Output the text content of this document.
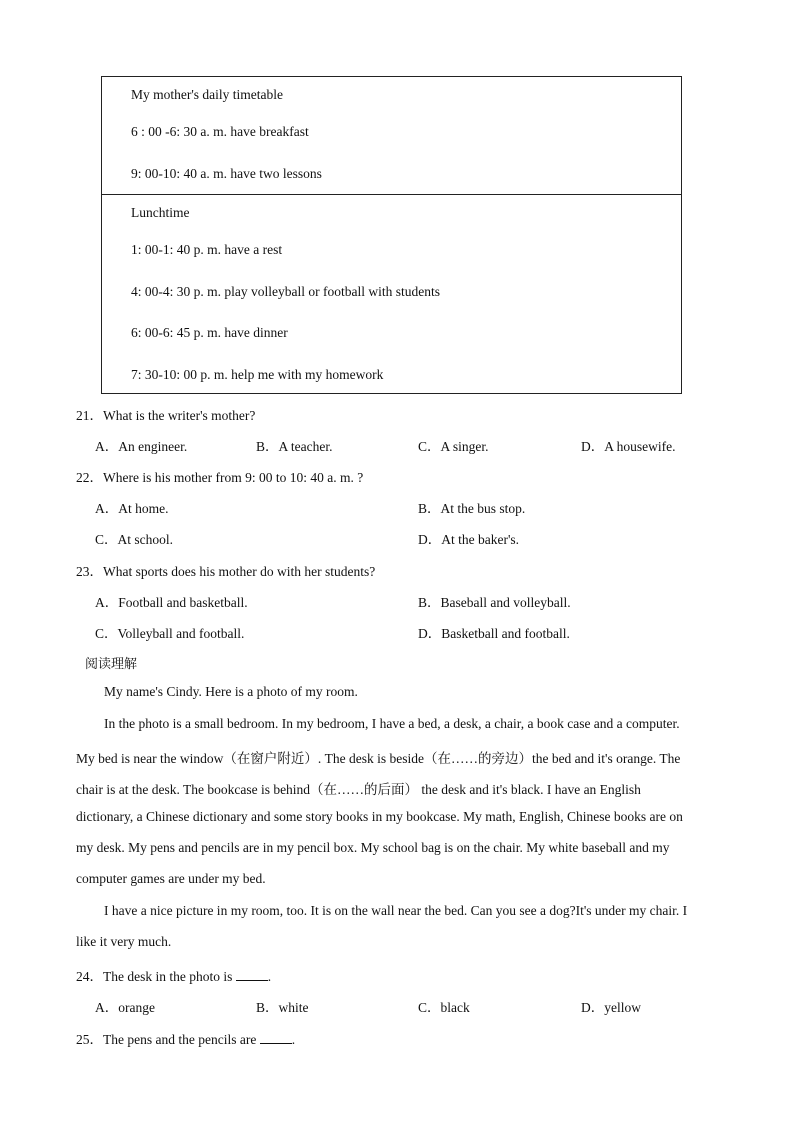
My mother's daily timetable
6 : 00 -6: 30 a. m. have breakfast
9: 00-10: 40 a. m. have two lessons
Lunchtime
1: 00-1: 40 p. m. have a rest
4: 00-4: 30 p. m. play volleyball or football with students
6: 00-6: 45 p. m. have dinner
7: 30-10: 00 p. m. help me with my homework
21．What is the writer's mother?
A．An engineer.	B．A teacher.	C．A singer.	D．A housewife.
22．Where is his mother from 9: 00 to 10: 40 a. m. ?
A．At home.	B．At the bus stop.
C．At school.	D．At the baker's.
23．What sports does his mother do with her students?
A．Football and basketball.	B．Baseball and volleyball.
C．Volleyball and football.	D．Basketball and football.
阅读理解
My name's Cindy. Here is a photo of my room.
In the photo is a small bedroom. In my bedroom, I have a bed, a desk, a chair, a book case and a computer.
My bed is near the window（在窗户附近）. The desk is beside（在……的旁边）the bed and it's orange. The
chair is at the desk. The bookcase is behind（在……的后面） the desk and it's black. I have an English
dictionary, a Chinese dictionary and some story books in my bookcase. My math, English, Chinese books are on
my desk. My pens and pencils are in my pencil box. My school bag is on the chair. My white baseball and my
computer games are under my bed.
I have a nice picture in my room, too. It is on the wall near the bed. Can you see a dog?It's under my chair. I
like it very much.
24．The desk in the photo is .
A．orange	B．white	C．black	D．yellow
25．The pens and the pencils are .
